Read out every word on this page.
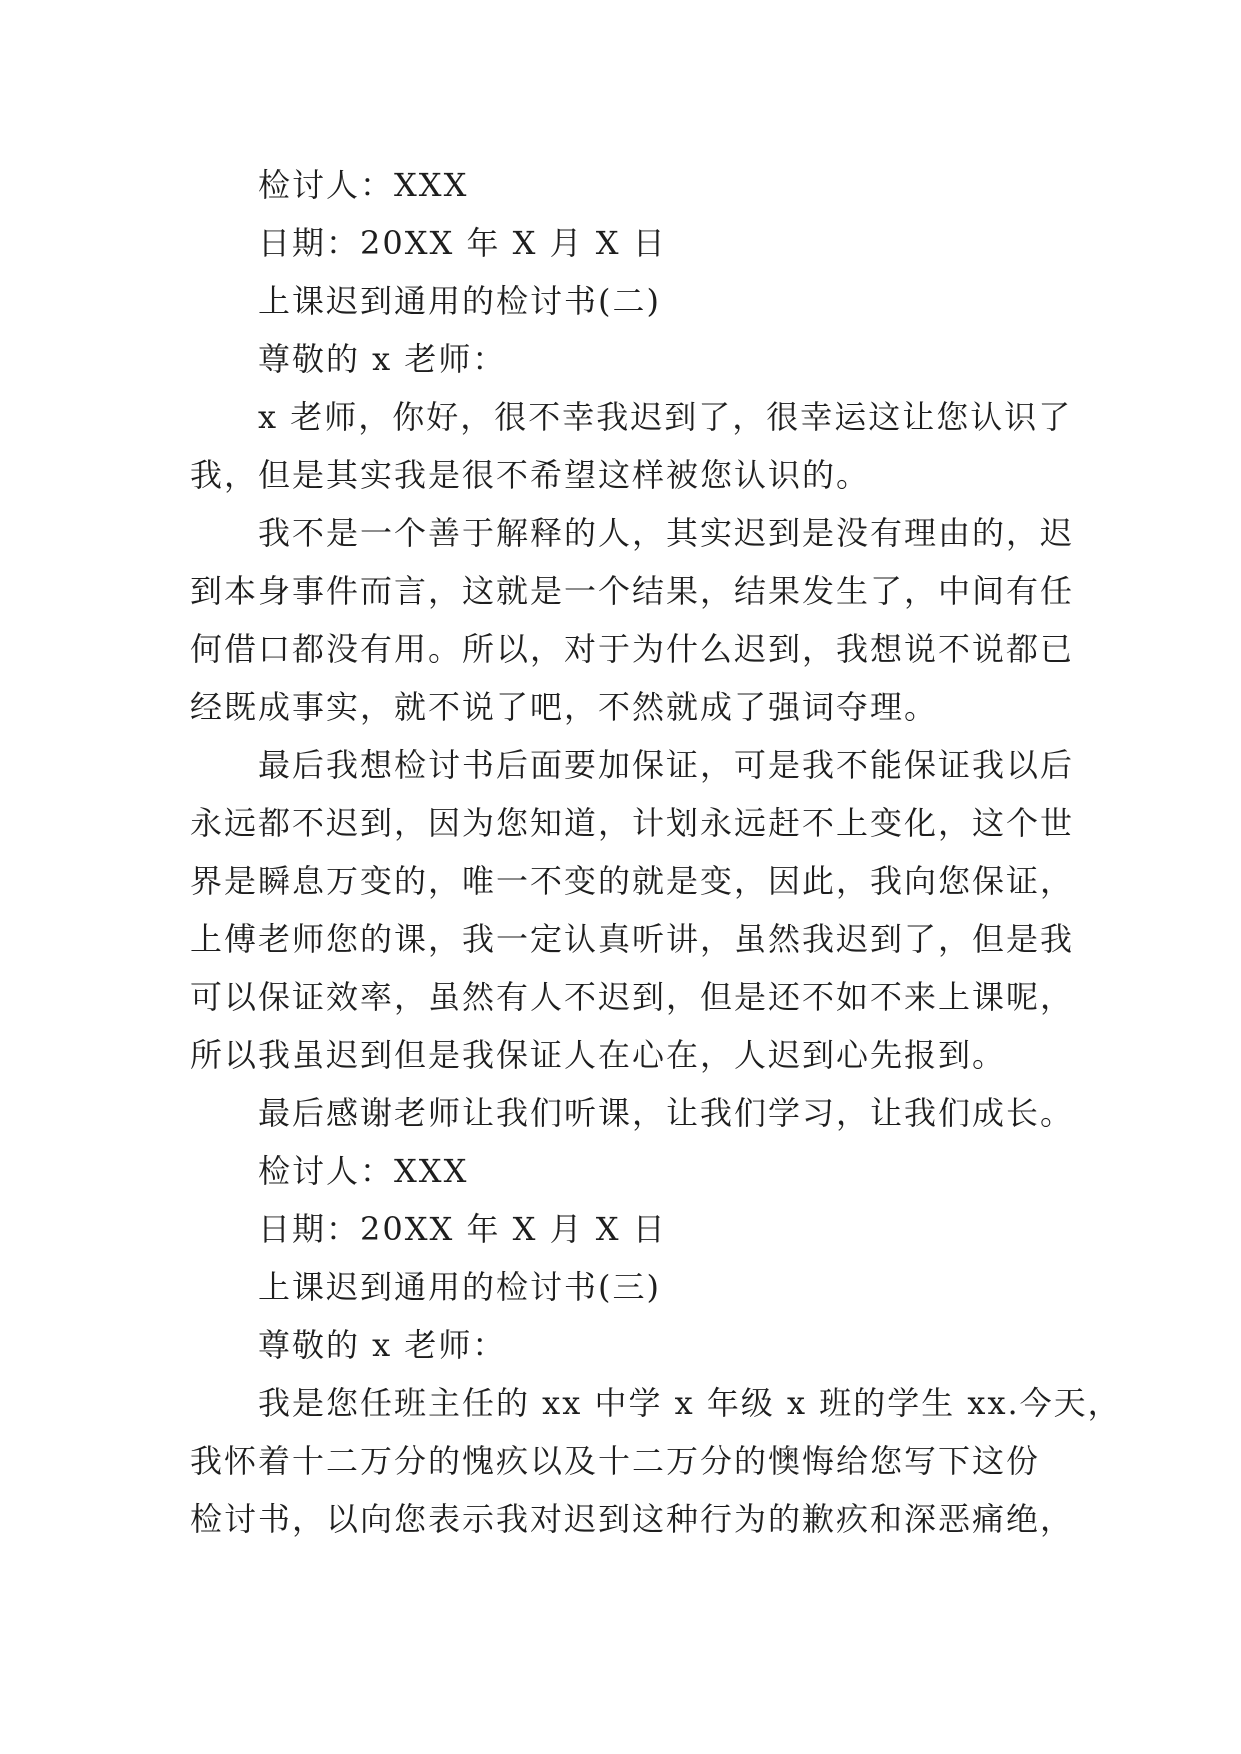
检讨人：XXX
日期：20XX 年 X 月 X 日
上课迟到通用的检讨书(二)
尊敬的 x 老师：
x 老师，你好，很不幸我迟到了，很幸运这让您认识了
我，但是其实我是很不希望这样被您认识的。
我不是一个善于解释的人，其实迟到是没有理由的，迟
到本身事件而言，这就是一个结果，结果发生了，中间有任
何借口都没有用。所以，对于为什么迟到，我想说不说都已
经既成事实，就不说了吧，不然就成了强词夺理。
最后我想检讨书后面要加保证，可是我不能保证我以后
永远都不迟到，因为您知道，计划永远赶不上变化，这个世
界是瞬息万变的，唯一不变的就是变，因此，我向您保证，
上傅老师您的课，我一定认真听讲，虽然我迟到了，但是我
可以保证效率，虽然有人不迟到，但是还不如不来上课呢，
所以我虽迟到但是我保证人在心在，人迟到心先报到。
最后感谢老师让我们听课，让我们学习，让我们成长。
检讨人：XXX
日期：20XX 年 X 月 X 日
上课迟到通用的检讨书(三)
尊敬的 x 老师：
我是您任班主任的 xx 中学 x 年级 x 班的学生 xx.今天，
我怀着十二万分的愧疚以及十二万分的懊悔给您写下这份
检讨书，以向您表示我对迟到这种行为的歉疚和深恶痛绝，
